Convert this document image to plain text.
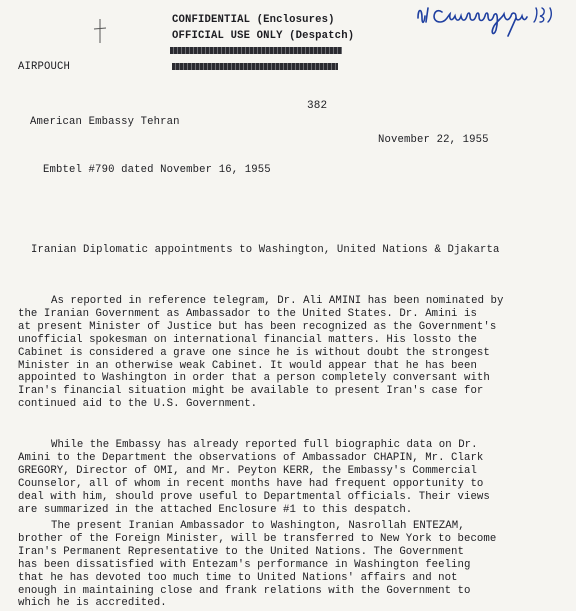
CONFIDENTIAL (Enclosures)
OFFICIAL USE ONLY (Despatch)
AIRPOUCH
382
American Embassy Tehran
November 22, 1955
Embtel #790 dated November 16, 1955
Iranian Diplomatic appointments to Washington, United Nations & Djakarta
As reported in reference telegram, Dr. Ali AMINI has been nominated by
the Iranian Government as Ambassador to the United States. Dr. Amini is
at present Minister of Justice but has been recognized as the Government's
unofficial spokesman on international financial matters. His lossto the
Cabinet is considered a grave one since he is without doubt the strongest
Minister in an otherwise weak Cabinet. It would appear that he has been
appointed to Washington in order that a person completely conversant with
Iran's financial situation might be available to present Iran's case for
continued aid to the U.S. Government.
While the Embassy has already reported full biographic data on Dr.
Amini to the Department the observations of Ambassador CHAPIN, Mr. Clark
GREGORY, Director of OMI, and Mr. Peyton KERR, the Embassy's Commercial
Counselor, all of whom in recent months have had frequent opportunity to
deal with him, should prove useful to Departmental officials. Their views
are summarized in the attached Enclosure #1 to this despatch.
The present Iranian Ambassador to Washington, Nasrollah ENTEZAM,
brother of the Foreign Minister, will be transferred to New York to become
Iran's Permanent Representative to the United Nations. The Government
has been dissatisfied with Entezam's performance in Washington feeling
that he has devoted too much time to United Nations' affairs and not
enough in maintaining close and frank relations with the Government to
which he is accredited.
